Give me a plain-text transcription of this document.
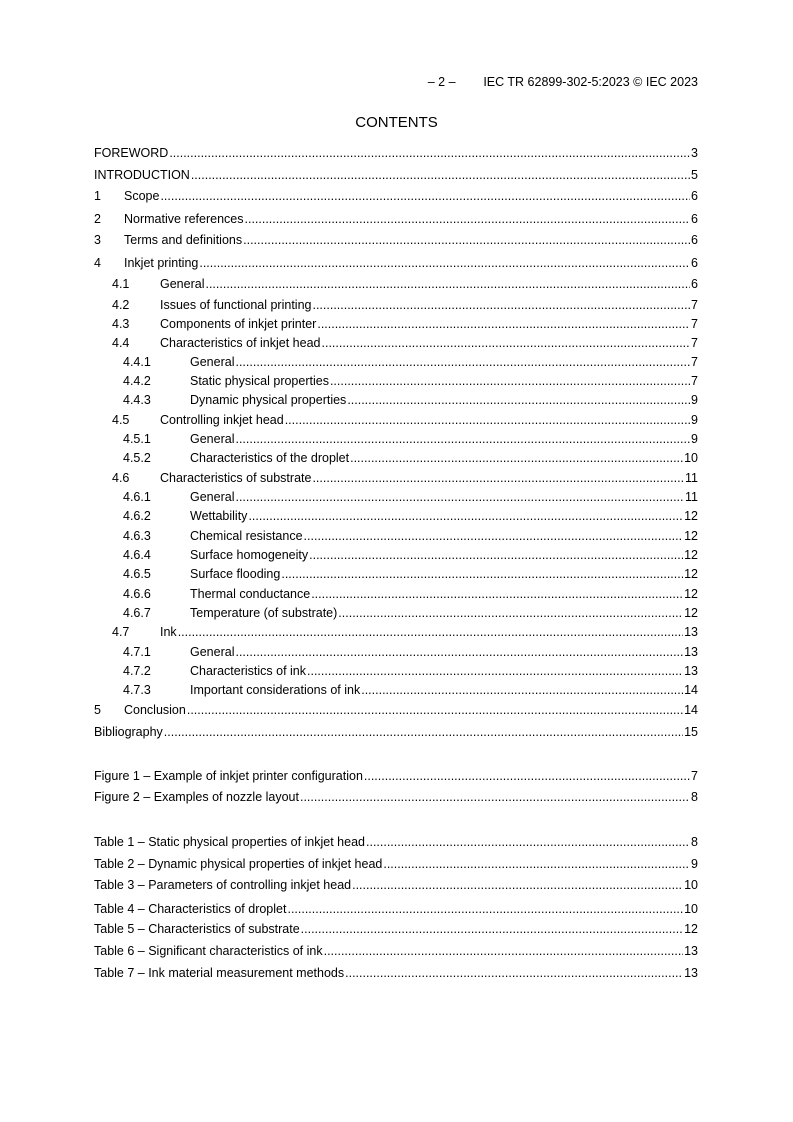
– 2 –        IEC TR 62899-302-5:2023 © IEC 2023
CONTENTS
FOREWORD .....	3
INTRODUCTION .....	5
1	Scope .....	6
2	Normative references .....	6
3	Terms and definitions .....	6
4	Inkjet printing .....	6
4.1	General .....	6
4.2	Issues of functional printing .....	7
4.3	Components of inkjet printer .....	7
4.4	Characteristics of inkjet head .....	7
4.4.1	General .....	7
4.4.2	Static physical properties .....	7
4.4.3	Dynamic physical properties .....	9
4.5	Controlling inkjet head .....	9
4.5.1	General .....	9
4.5.2	Characteristics of the droplet .....	10
4.6	Characteristics of substrate .....	11
4.6.1	General .....	11
4.6.2	Wettability .....	12
4.6.3	Chemical resistance .....	12
4.6.4	Surface homogeneity .....	12
4.6.5	Surface flooding .....	12
4.6.6	Thermal conductance .....	12
4.6.7	Temperature (of substrate) .....	12
4.7	Ink .....	13
4.7.1	General .....	13
4.7.2	Characteristics of ink .....	13
4.7.3	Important considerations of ink .....	14
5	Conclusion .....	14
Bibliography .....	15
Figure 1 – Example of inkjet printer configuration .....	7
Figure 2 – Examples of nozzle layout .....	8
Table 1 – Static physical properties of inkjet head .....	8
Table 2 – Dynamic physical properties of inkjet head .....	9
Table 3 – Parameters of controlling inkjet head .....	10
Table 4 – Characteristics of droplet .....	10
Table 5 – Characteristics of substrate .....	12
Table 6 – Significant characteristics of ink .....	13
Table 7 – Ink material measurement methods .....	13
